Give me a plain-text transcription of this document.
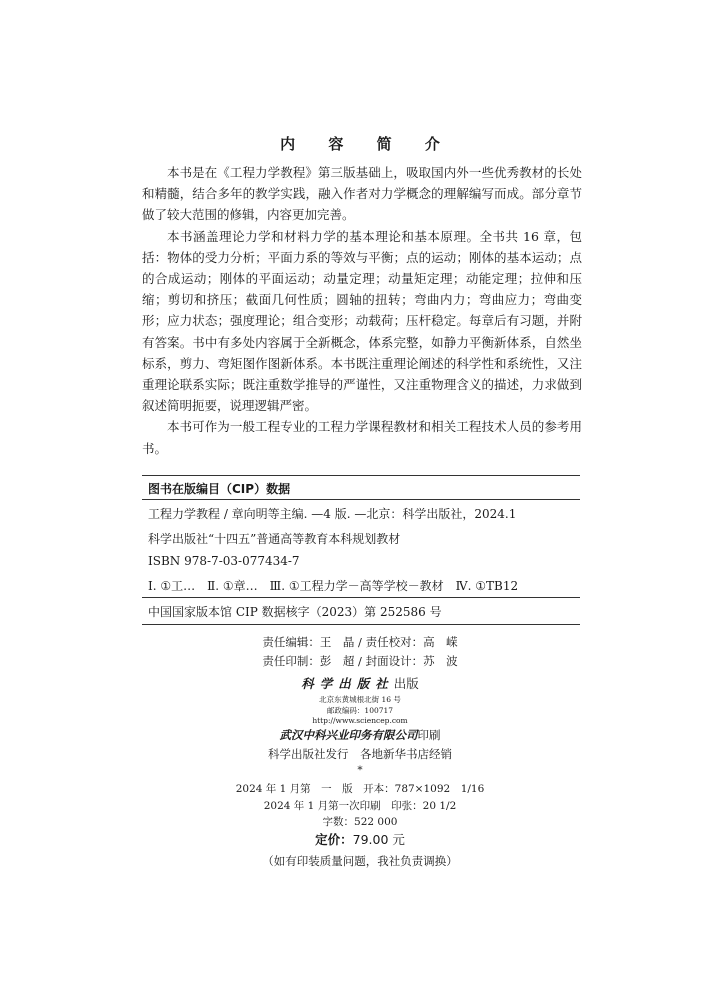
内 容 简 介

本书是在《工程力学教程》第三版基础上，吸取国内外一些优秀教材的长处和精髓，结合多年的教学实践，融入作者对力学概念的理解编写而成。部分章节做了较大范围的修辑，内容更加完善。

本书涵盖理论力学和材料力学的基本理论和基本原理。全书共 16 章，包括：物体的受力分析；平面力系的等效与平衡；点的运动；刚体的基本运动；点的合成运动；刚体的平面运动；动量定理；动量矩定理；动能定理；拉伸和压缩；剪切和挤压；截面几何性质；圆轴的扭转；弯曲内力；弯曲应力；弯曲变形；应力状态；强度理论；组合变形；动载荷；压杆稳定。每章后有习题，并附有答案。书中有多处内容属于全新概念，体系完整，如静力平衡新体系，自然坐标系，剪力、弯矩图作图新体系。本书既注重理论阐述的科学性和系统性，又注重理论联系实际；既注重数学推导的严谨性，又注重物理含义的描述，力求做到叙述简明扼要，说理逻辑严密。

本书可作为一般工程专业的工程力学课程教材和相关工程技术人员的参考用书。

图书在版编目（CIP）数据
工程力学教程 / 章向明等主编. —4 版. —北京：科学出版社，2024.1
科学出版社“十四五”普通高等教育本科规划教材
ISBN 978-7-03-077434-7
Ⅰ. ①工…　Ⅱ. ①章…　Ⅲ. ①工程力学－高等学校－教材　Ⅳ. ①TB12
中国国家版本馆 CIP 数据核字（2023）第 252586 号
责任编辑：王　晶 / 责任校对：高　嵘
责任印制：彭　超 / 封面设计：苏　波
科学出版社出版
北京东黄城根北街 16 号
邮政编码：100717
http://www.sciencep.com
武汉中科兴业印务有限公司印刷
科学出版社发行　各地新华书店经销
*
2024 年 1 月第　一　版　开本：787×1092　1/16
2024 年 1 月第一次印刷　印张：20 1/2
字数：522 000
定价：79.00 元
（如有印装质量问题，我社负责调换）
